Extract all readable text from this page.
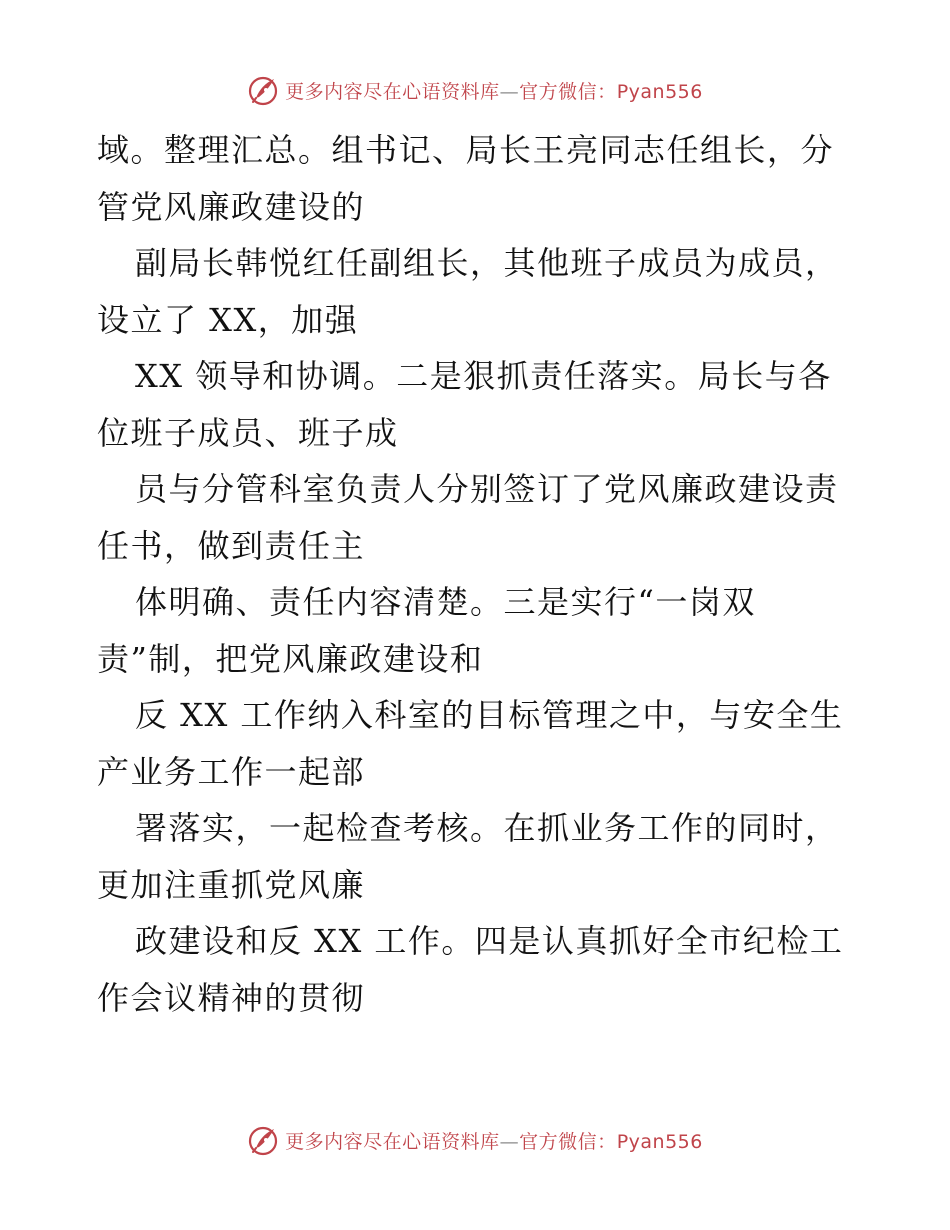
更多内容尽在心语资料库—官方微信：Pyan556
域。整理汇总。组书记、局长王亮同志任组长，分
管党风廉政建设的
副局长韩悦红任副组长，其他班子成员为成员，
设立了 XX，加强
XX 领导和协调。二是狠抓责任落实。局长与各
位班子成员、班子成
员与分管科室负责人分别签订了党风廉政建设责
任书，做到责任主
体明确、责任内容清楚。三是实行“一岗双
责”制，把党风廉政建设和
反 XX 工作纳入科室的目标管理之中，与安全生
产业务工作一起部
署落实，一起检查考核。在抓业务工作的同时，
更加注重抓党风廉
政建设和反 XX 工作。四是认真抓好全市纪检工
作会议精神的贯彻
更多内容尽在心语资料库—官方微信：Pyan556
